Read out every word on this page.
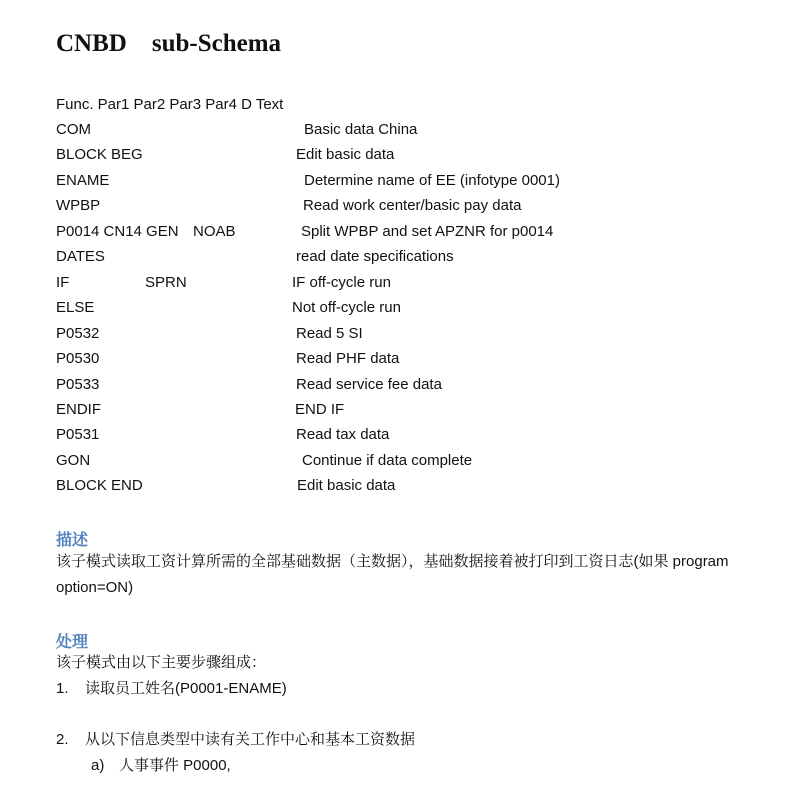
CNBD    sub-Schema
Func. Par1 Par2 Par3 Par4 D Text
COM	Basic data China
BLOCK BEG	Edit basic data
ENAME	Determine name of EE (infotype 0001)
WPBP	Read work center/basic pay data
P0014 CN14 GEN NOAB	Split WPBP and set APZNR for p0014
DATES	read date specifications
IF	SPRN	IF off-cycle run
ELSE	Not off-cycle run
P0532	Read 5 SI
P0530	Read PHF data
P0533	Read service fee data
ENDIF	END IF
P0531	Read tax data
GON	Continue if data complete
BLOCK END	Edit basic data
描述
该子模式读取工资计算所需的全部基础数据（主数据），基础数据接着被打印到工资日志(如果 program option=ON)
处理
该子模式由以下主要步骤组成：
1. 读取员工姓名(P0001-ENAME)
2. 从以下信息类型中读有关工作中心和基本工资数据
a) 人事事件 P0000,
